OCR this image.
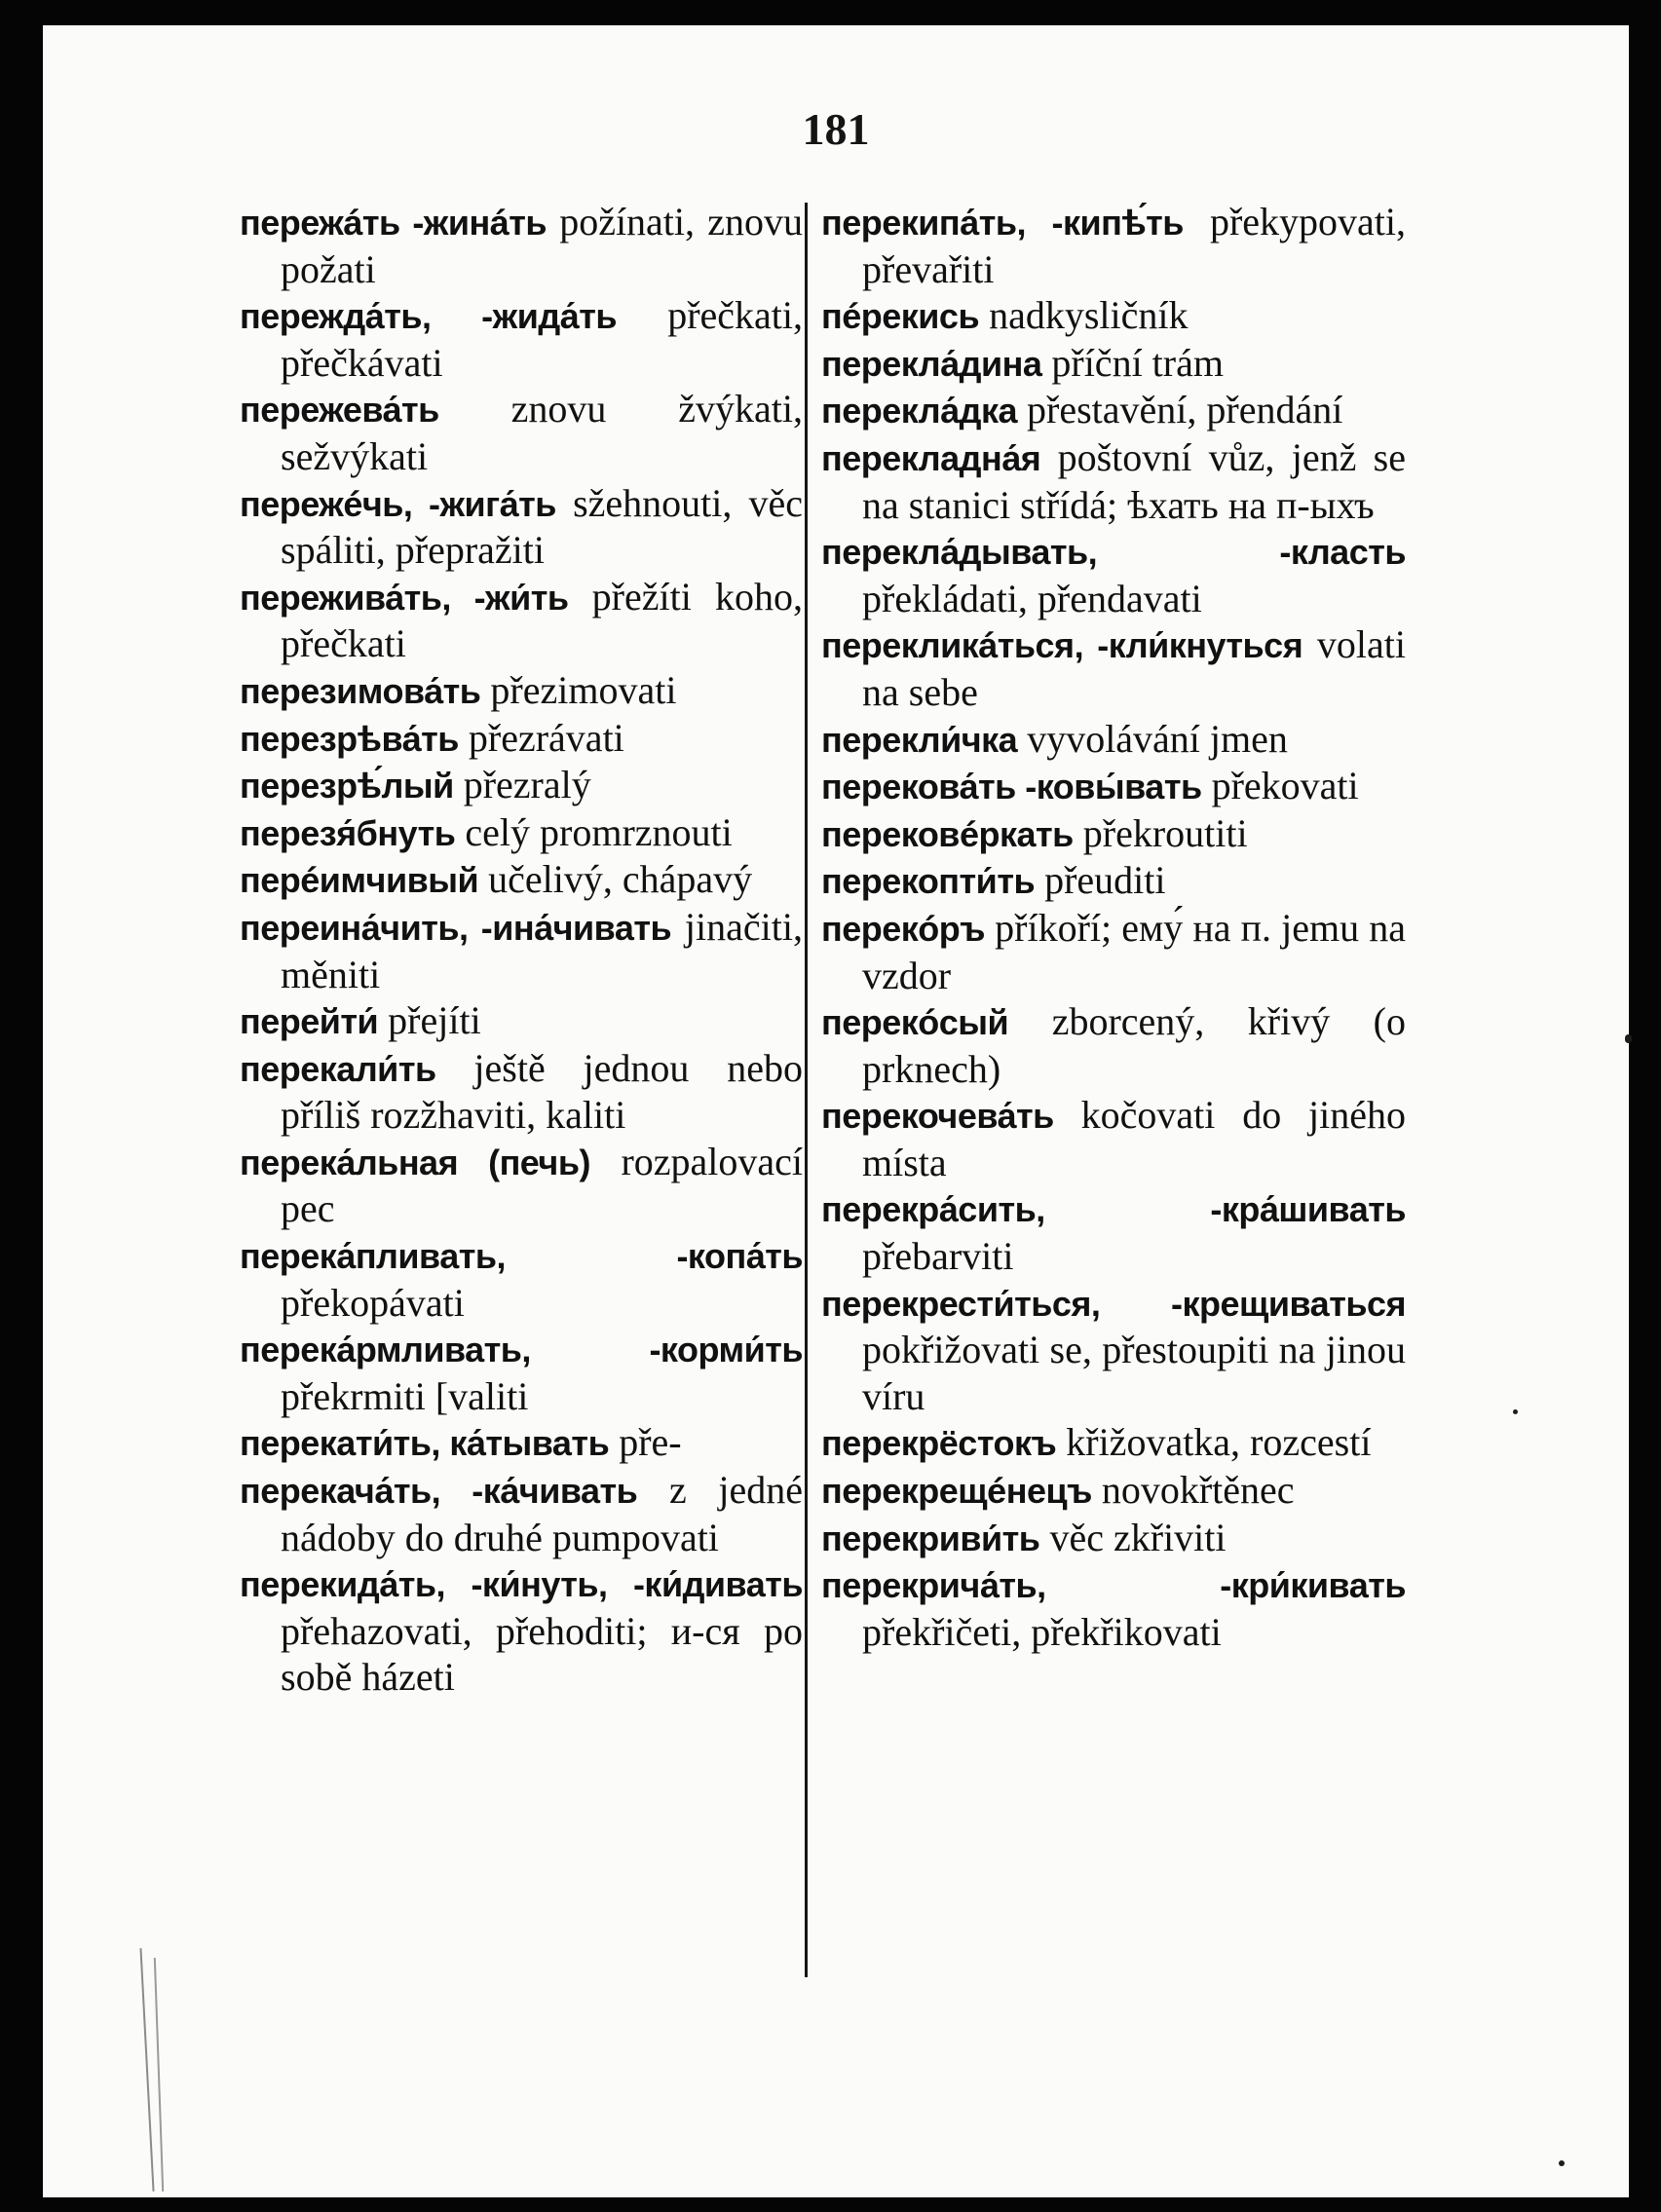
181
пережáть -жинáть požínati, znovu požati
пережда́ть, -жида́ть přečkati, přečkávati
пережева́ть znovu žvýkati, sežvýkati
пережéчь, -жига́ть sžehnouti, věc spáliti, přepražiti
пережива́ть, -жи́ть přežíti koho, přečkati
перезимова́ть přezimovati
перезрѣва́ть přezrávati
перезрѣ́лый přezralý
перезя́бнуть celý promrznouti
перéимчивый učelivý, chápavý
переина́чить, -ина́чивать jinačiti, měniti
перейти́ přejíti
перекали́ть ještě jednou nebo příliš rozžhaviti, kaliti
перека́льная (печь) rozpalovací pec
перека́пливать, -копа́ть překopávati
перека́рмливать, -корми́ть překrmiti [valiti
перекати́ть, ка́тывать pře-
перекача́ть, -ка́чивать z jedné nádoby do druhé pumpovati
перекида́ть, -ки́нуть, -ки́дивать přehazovati, přehoditi; и-ся po sobě házeti
перекипа́ть, -кипѣ́ть překypovati, převařiti
пéрекись nadkysličník
перекла́дина příční trám
перекла́дка přestavění, přendání
перекладна́я poštovní vůz, jenž se na stanici střídá; ѣхать на п-ыхъ
перекла́дывать, -класть překládati, přendavati
перекликáться, -кли́кнуться volati na sebe
перекли́чка vyvolávání jmen
перекова́ть -ковы́вать překovati
перековéркать překroutiti
перекопти́ть přeuditi
перекóръ příkoří; ему́ на п. jemu na vzdor
перекóсый zborcený, křivý (o prknech)
перекочева́ть kočovati do jiného místa
перекра́сить, -кра́шивать přebarviti
перекрести́ться, -крещиваться pokřižovati se, přestoupiti na jinou víru
перекрёстокъ křižovatka, rozcestí
перекрещéнецъ novokřtěnec
перекриви́ть věc zkřiviti
перекрича́ть, -кри́кивать překřičeti, překřikovati
